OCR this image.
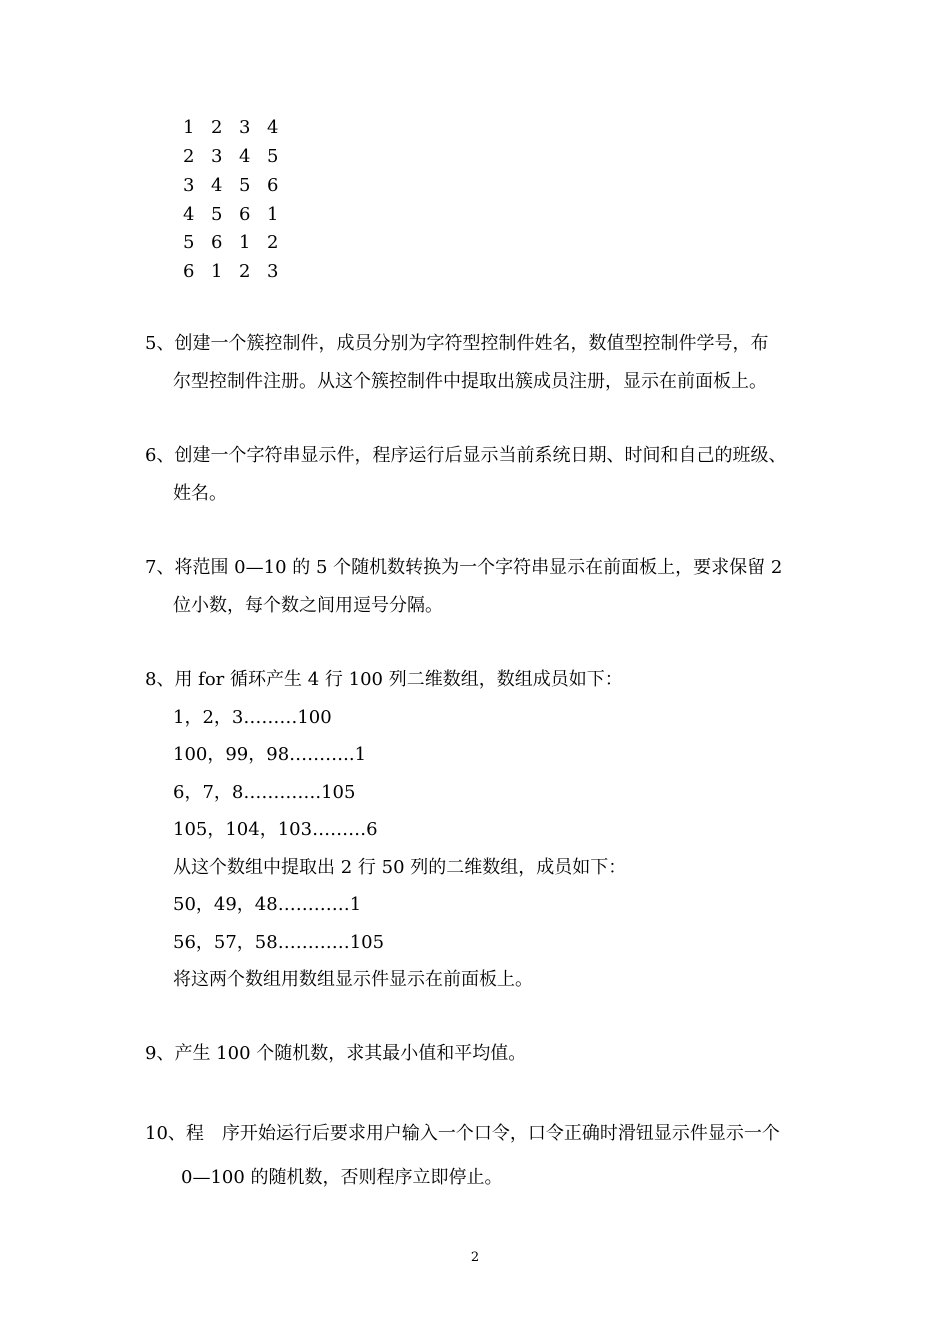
1 2 3 4
2 3 4 5
3 4 5 6
4 5 6 1
5 6 1 2
6 1 2 3
5、创建一个簇控制件，成员分别为字符型控制件姓名，数值型控制件学号，布
尔型控制件注册。从这个簇控制件中提取出簇成员注册，显示在前面板上。
6、创建一个字符串显示件，程序运行后显示当前系统日期、时间和自己的班级、
姓名。
7、将范围 0—10 的 5 个随机数转换为一个字符串显示在前面板上，要求保留 2
位小数，每个数之间用逗号分隔。
8、用 for 循环产生 4 行 100 列二维数组，数组成员如下：
1，2，3………100
100，99，98………..1
6，7，8………….105
105，104，103………6
从这个数组中提取出 2 行 50 列的二维数组，成员如下：
50，49，48…………1
56，57，58…………105
将这两个数组用数组显示件显示在前面板上。
9、产生 100 个随机数，求其最小值和平均值。
10、程　序开始运行后要求用户输入一个口令，口令正确时滑钮显示件显示一个
0—100 的随机数，否则程序立即停止。
2
